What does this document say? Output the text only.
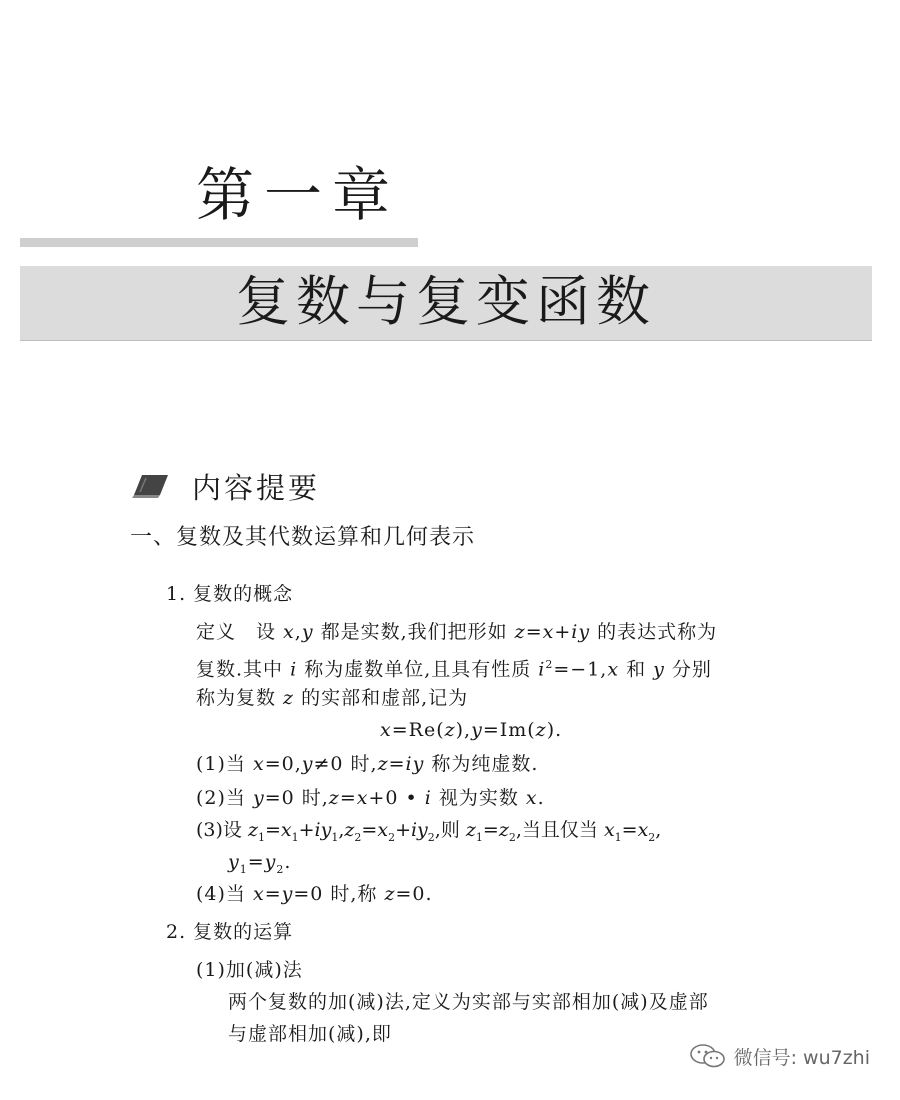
第一章
复数与复变函数
内容提要
一、复数及其代数运算和几何表示
1. 复数的概念
定义　设 x,y 都是实数,我们把形如 z=x+iy 的表达式称为
复数.其中 i 称为虚数单位,且具有性质 $i^2=-1,x$ 和 y 分别
称为复数 z 的实部和虚部,记为
x=Re(z),y=Im(z).
(1)当 x=0,y≠0 时,z=iy 称为纯虚数.
(2)当 y=0 时,z=x+0 • i 视为实数 x.
(3)设 $z_1=x_1+iy_1,z_2=x_2+iy_2$,则 $z_1=z_2$,当且仅当 $x_1=x_2$,
$y_1=y_2$.
(4)当 x=y=0 时,称 z=0.
2. 复数的运算
(1)加(减)法
两个复数的加(减)法,定义为实部与实部相加(减)及虚部
与虚部相加(减),即
微信号: wu7zhi
